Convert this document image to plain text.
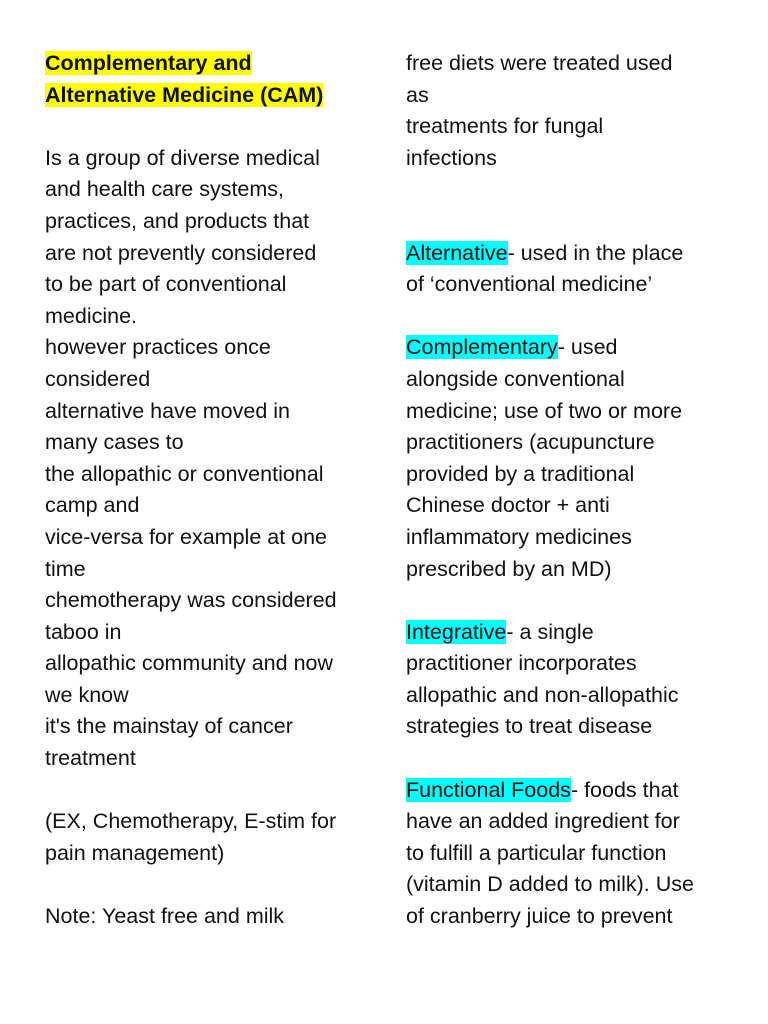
Complementary and
Alternative Medicine (CAM)
Is a group of diverse medical
and health care systems,
practices, and products that
are not prevently considered
to be part of conventional
medicine.
however practices once
considered
alternative have moved in
many cases to
the allopathic or conventional
camp and
vice-versa for example at one
time
chemotherapy was considered
taboo in
allopathic community and now
we know
it's the mainstay of cancer
treatment
(EX, Chemotherapy, E-stim for
pain management)
Note: Yeast free and milk
free diets were treated used
as
treatments for fungal
infections
Alternative- used in the place
of ‘conventional medicine’
Complementary- used
alongside conventional
medicine; use of two or more
practitioners (acupuncture
provided by a traditional
Chinese doctor + anti
inflammatory medicines
prescribed by an MD)
Integrative- a single
practitioner incorporates
allopathic and non-allopathic
strategies to treat disease
Functional Foods- foods that
have an added ingredient for
to fulfill a particular function
(vitamin D added to milk). Use
of cranberry juice to prevent
